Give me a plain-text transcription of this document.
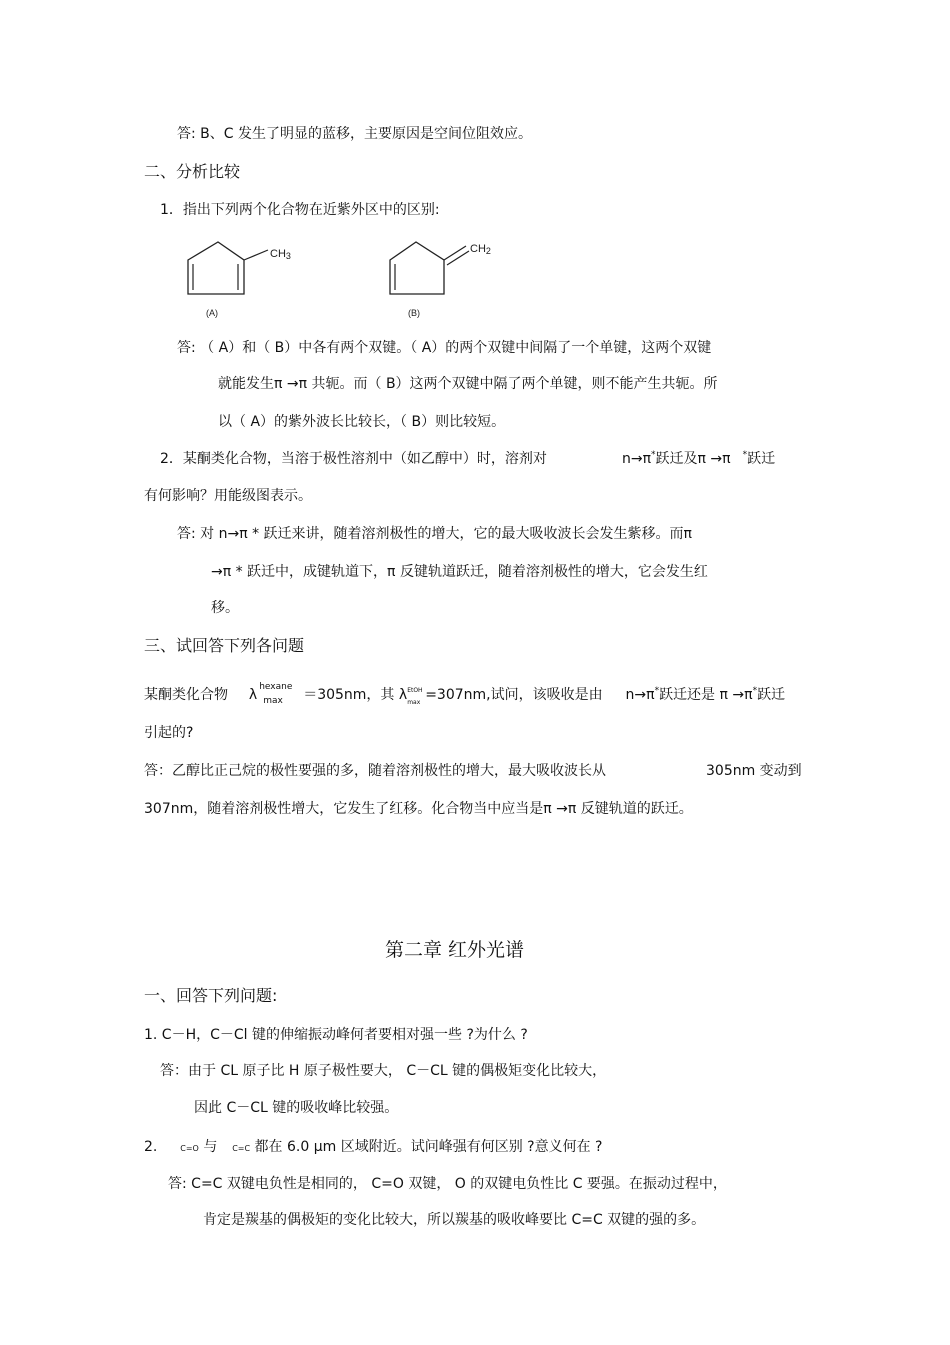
答: B、C 发生了明显的蓝移，主要原因是空间位阻效应。
二、分析比较
1．指出下列两个化合物在近紫外区中的区别:
CH3
(A)
CH2
(B)
答: （ A）和（ B）中各有两个双键。（ A）的两个双键中间隔了一个单键，这两个双键
就能发生π →π 共轭。而（ B）这两个双键中隔了两个单键，则不能产生共轭。所
以（ A）的紫外波长比较长，（ B）则比较短。
2．某酮类化合物，当溶于极性溶剂中（如乙醇中）时，溶剂对	n→π*跃迁及π →π *跃迁
有何影响？用能级图表示。
答: 对 n→π * 跃迁来讲，随着溶剂极性的增大，它的最大吸收波长会发生紫移。而π
→π * 跃迁中，成键轨道下，π 反键轨道跃迁，随着溶剂极性的增大，它会发生红
移。
三、试回答下列各问题
某酮类化合物 λ hexane
max ＝305nm，其 λ EtOH
max =307nm,试问，该吸收是由 n→π*跃迁还是 π →π*跃迁
引起的?
答：乙醇比正己烷的极性要强的多，随着溶剂极性的增大，最大吸收波长从	305nm 变动到
307nm，随着溶剂极性增大，它发生了红移。化合物当中应当是π →π 反键轨道的跃迁。
第二章 红外光谱
一、回答下列问题:
1. C－H，C－Cl 键的伸缩振动峰何者要相对强一些 ?为什么 ?
答：由于 CL 原子比 H 原子极性要大， C－CL 键的偶极矩变化比较大，
因此 C－CL 键的吸收峰比较强。
2.	C=O 与 C=C 都在 6.0 μm 区域附近。试问峰强有何区别 ?意义何在 ?
答: C=C 双键电负性是相同的， C=O 双键， O 的双键电负性比 C 要强。在振动过程中，
肯定是羰基的偶极矩的变化比较大，所以羰基的吸收峰要比 C=C 双键的强的多。
